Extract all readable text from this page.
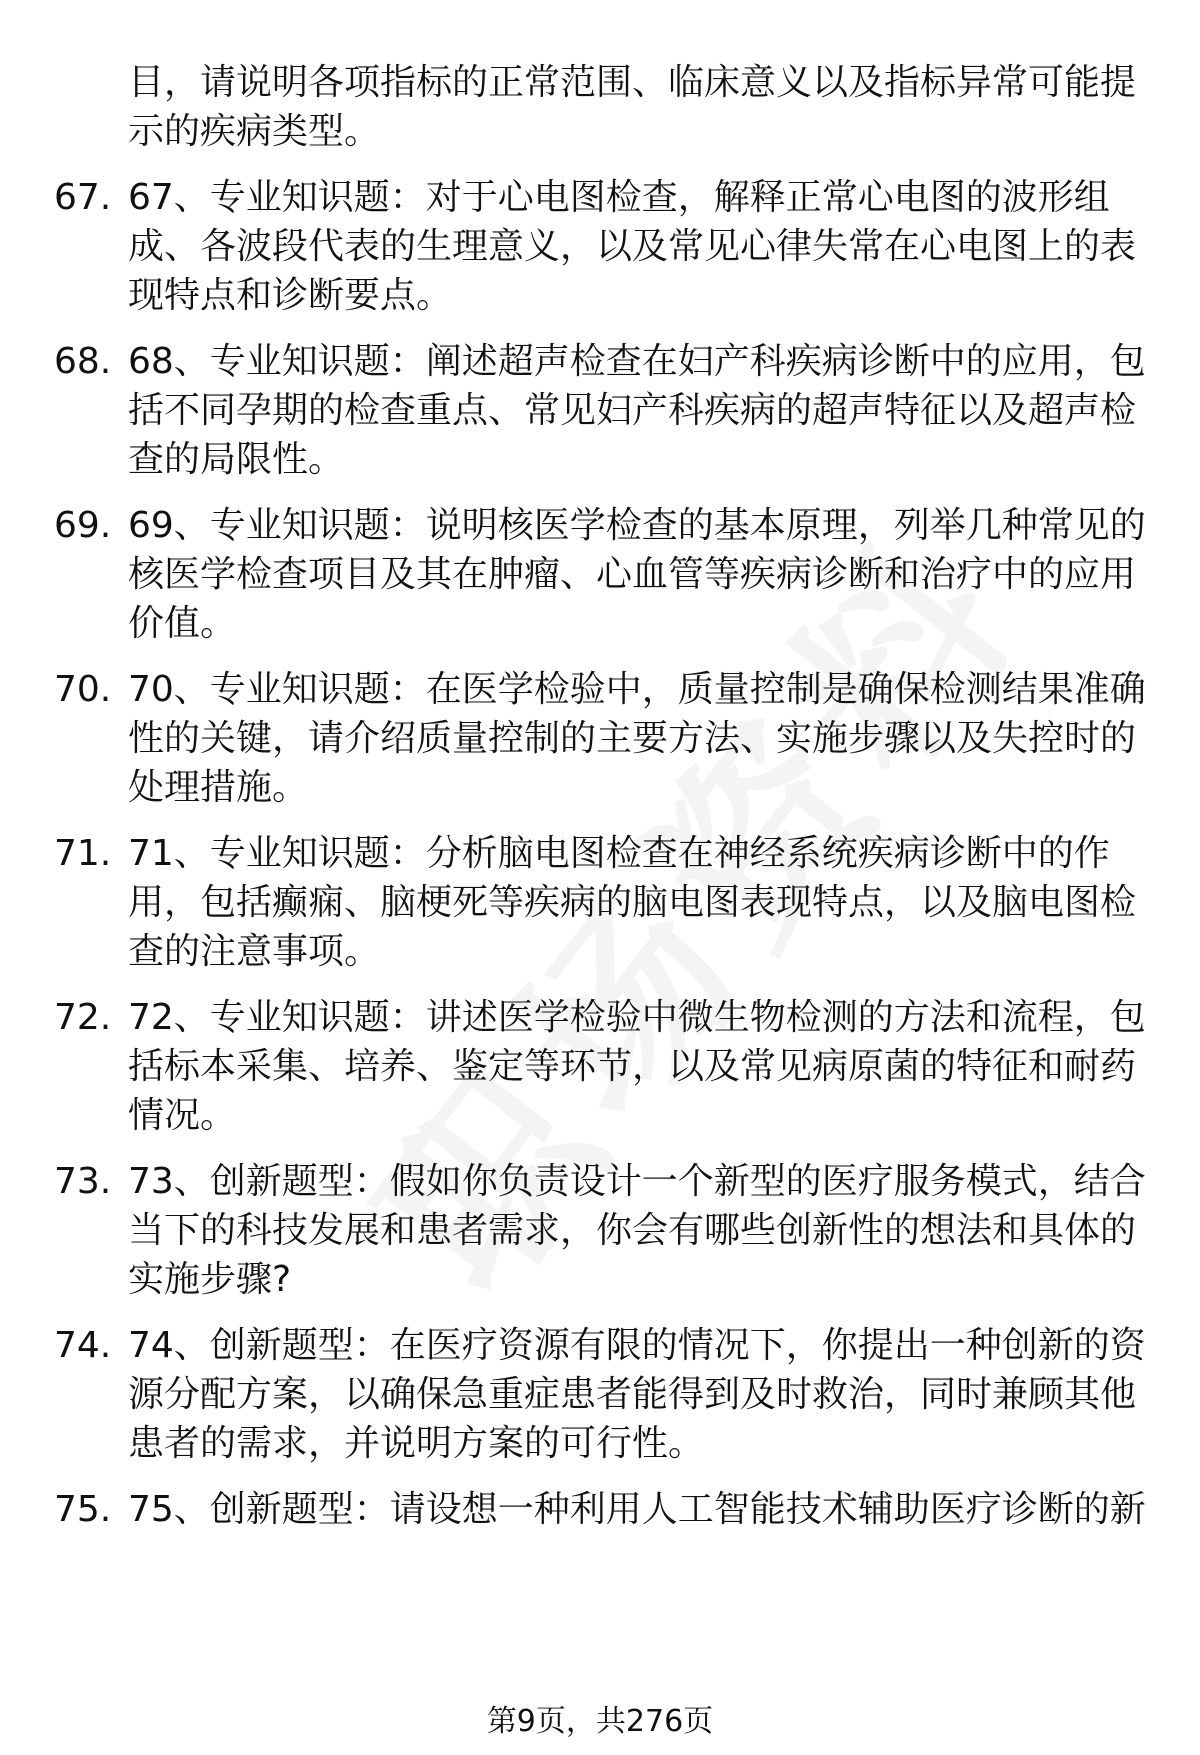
目，请说明各项指标的正常范围、临床意义以及指标异常可能提示的疾病类型。
67. 67、专业知识题：对于心电图检查，解释正常心电图的波形组成、各波段代表的生理意义，以及常见心律失常在心电图上的表现特点和诊断要点。
68. 68、专业知识题：阐述超声检查在妇产科疾病诊断中的应用，包括不同孕期的检查重点、常见妇产科疾病的超声特征以及超声检查的局限性。
69. 69、专业知识题：说明核医学检查的基本原理，列举几种常见的核医学检查项目及其在肿瘤、心血管等疾病诊断和治疗中的应用价值。
70. 70、专业知识题：在医学检验中，质量控制是确保检测结果准确性的关键，请介绍质量控制的主要方法、实施步骤以及失控时的处理措施。
71. 71、专业知识题：分析脑电图检查在神经系统疾病诊断中的作用，包括癫痫、脑梗死等疾病的脑电图表现特点，以及脑电图检查的注意事项。
72. 72、专业知识题：讲述医学检验中微生物检测的方法和流程，包括标本采集、培养、鉴定等环节，以及常见病原菌的特征和耐药情况。
73. 73、创新题型：假如你负责设计一个新型的医疗服务模式，结合当下的科技发展和患者需求，你会有哪些创新性的想法和具体的实施步骤?
74. 74、创新题型：在医疗资源有限的情况下，你提出一种创新的资源分配方案，以确保急重症患者能得到及时救治，同时兼顾其他患者的需求，并说明方案的可行性。
75. 75、创新题型：请设想一种利用人工智能技术辅助医疗诊断的新
第9页，共276页
